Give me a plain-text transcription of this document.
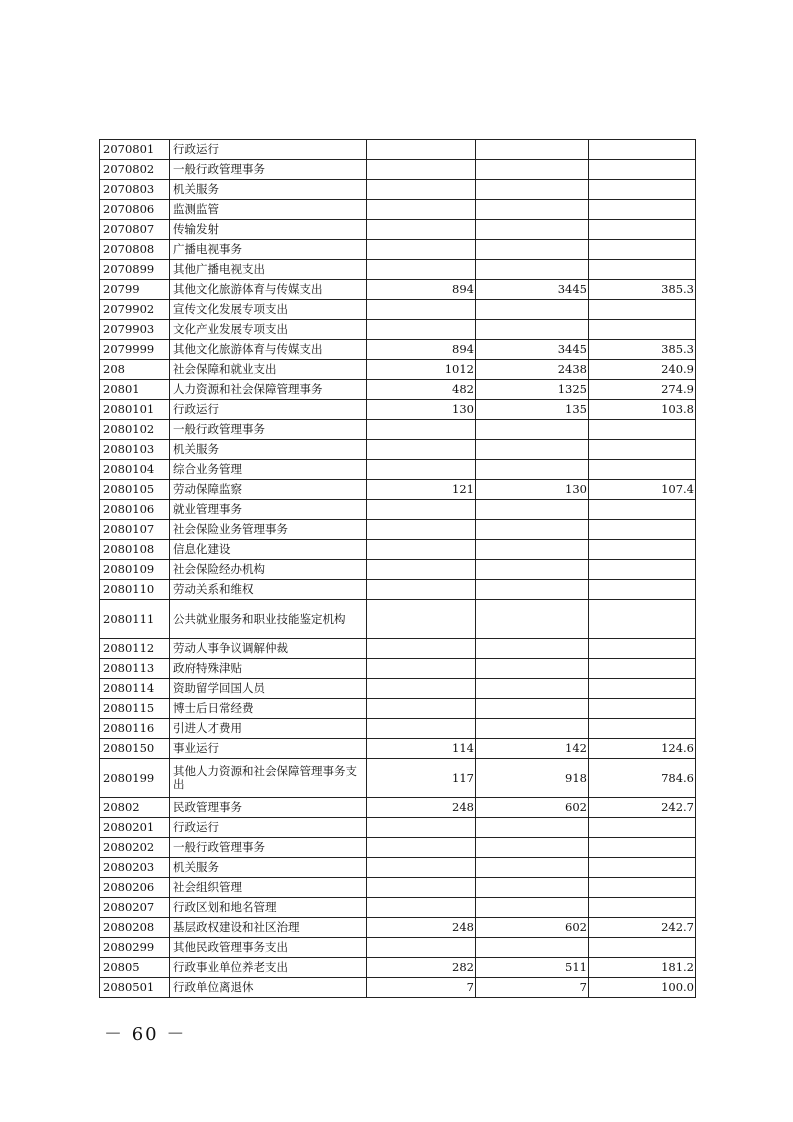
2070801	行政运行			
2070802	一般行政管理事务			
2070803	机关服务			
2070806	监测监管			
2070807	传输发射			
2070808	广播电视事务			
2070899	其他广播电视支出			
20799	其他文化旅游体育与传媒支出	894	3445	385.3
2079902	宣传文化发展专项支出			
2079903	文化产业发展专项支出			
2079999	其他文化旅游体育与传媒支出	894	3445	385.3
208	社会保障和就业支出	1012	2438	240.9
20801	人力资源和社会保障管理事务	482	1325	274.9
2080101	行政运行	130	135	103.8
2080102	一般行政管理事务			
2080103	机关服务			
2080104	综合业务管理			
2080105	劳动保障监察	121	130	107.4
2080106	就业管理事务			
2080107	社会保险业务管理事务			
2080108	信息化建设			
2080109	社会保险经办机构			
2080110	劳动关系和维权			
2080111	公共就业服务和职业技能鉴定机构			
2080112	劳动人事争议调解仲裁			
2080113	政府特殊津贴			
2080114	资助留学回国人员			
2080115	博士后日常经费			
2080116	引进人才费用			
2080150	事业运行	114	142	124.6
2080199	其他人力资源和社会保障管理事务支出	117	918	784.6
20802	民政管理事务	248	602	242.7
2080201	行政运行			
2080202	一般行政管理事务			
2080203	机关服务			
2080206	社会组织管理			
2080207	行政区划和地名管理			
2080208	基层政权建设和社区治理	248	602	242.7
2080299	其他民政管理事务支出			
20805	行政事业单位养老支出	282	511	181.2
2080501	行政单位离退休	7	7	100.0
－ 60 －
